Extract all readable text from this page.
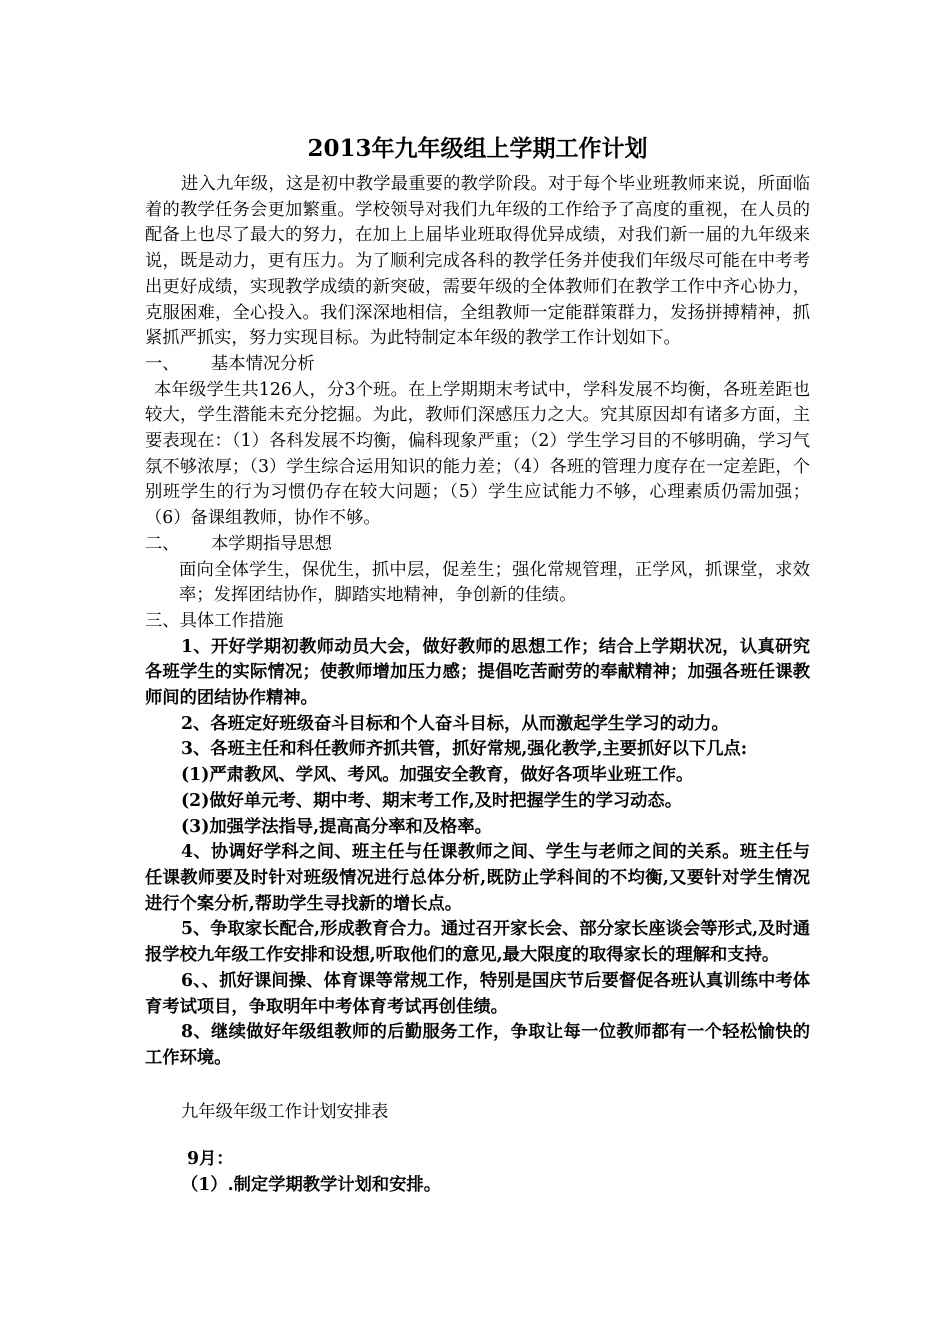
2013年九年级组上学期工作计划

进入九年级，这是初中教学最重要的教学阶段。对于每个毕业班教师来说，所面临着的教学任务会更加繁重。学校领导对我们九年级的工作给予了高度的重视，在人员的配备上也尽了最大的努力，在加上上届毕业班取得优异成绩，对我们新一届的九年级来说，既是动力，更有压力。为了顺利完成各科的教学任务并使我们年级尽可能在中考考出更好成绩，实现教学成绩的新突破，需要年级的全体教师们在教学工作中齐心协力，克服困难，全心投入。我们深深地相信，全组教师一定能群策群力，发扬拼搏精神，抓紧抓严抓实，努力实现目标。为此特制定本年级的教学工作计划如下。

一、	基本情况分析

本年级学生共126人，分3个班。在上学期期末考试中，学科发展不均衡，各班差距也较大，学生潜能未充分挖掘。为此，教师们深感压力之大。究其原因却有诸多方面，主要表现在：（1）各科发展不均衡，偏科现象严重；（2）学生学习目的不够明确，学习气氛不够浓厚；（3）学生综合运用知识的能力差；（4）各班的管理力度存在一定差距，个别班学生的行为习惯仍存在较大问题；（5）学生应试能力不够，心理素质仍需加强；（6）备课组教师，协作不够。

二、	本学期指导思想

面向全体学生，保优生，抓中层，促差生；强化常规管理，正学风，抓课堂，求效率；发挥团结协作，脚踏实地精神，争创新的佳绩。

三、具体工作措施

1、开好学期初教师动员大会，做好教师的思想工作；结合上学期状况，认真研究各班学生的实际情况；使教师增加压力感；提倡吃苦耐劳的奉献精神；加强各班任课教师间的团结协作精神。

2、各班定好班级奋斗目标和个人奋斗目标，从而激起学生学习的动力。

3、各班主任和科任教师齐抓共管，抓好常规,强化教学,主要抓好以下几点:

(1)严肃教风、学风、考风。加强安全教育，做好各项毕业班工作。

(2)做好单元考、期中考、期末考工作,及时把握学生的学习动态。

(3)加强学法指导,提高高分率和及格率。

4、协调好学科之间、班主任与任课教师之间、学生与老师之间的关系。班主任与任课教师要及时针对班级情况进行总体分析,既防止学科间的不均衡,又要针对学生情况进行个案分析,帮助学生寻找新的增长点。

5、争取家长配合,形成教育合力。通过召开家长会、部分家长座谈会等形式,及时通报学校九年级工作安排和设想,听取他们的意见,最大限度的取得家长的理解和支持。

6、、抓好课间操、体育课等常规工作，特别是国庆节后要督促各班认真训练中考体育考试项目，争取明年中考体育考试再创佳绩。

8、继续做好年级组教师的后勤服务工作，争取让每一位教师都有一个轻松愉快的工作环境。

九年级年级工作计划安排表

9月：

（1）.制定学期教学计划和安排。
